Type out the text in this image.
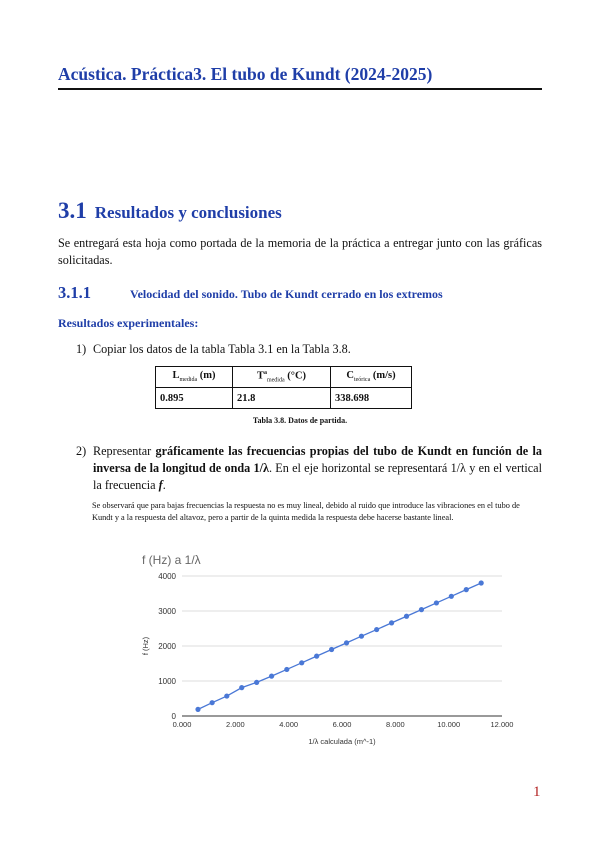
Acústica. Práctica3. El tubo de Kundt (2024-2025)
3.1 Resultados y conclusiones

Se entregará esta hoja como portada de la memoria de la práctica a entregar junto con las gráficas solicitadas.

3.1.1	Velocidad del sonido. Tubo de Kundt cerrado en los extremos
Resultados experimentales:
1) Copiar los datos de la tabla Tabla 3.1 en la Tabla 3.8.
$L_{medida}$ (m)	$T^a_{medida}$ (°C)	$C_{teórica}$ (m/s)
0.895	21.8	338.698
Tabla 3.8. Datos de partida.
2) Representar gráficamente las frecuencias propias del tubo de Kundt en función de la inversa de la longitud de onda 1/λ. En el eje horizontal se representará 1/λ y en el vertical la frecuencia f.

Se observará que para bajas frecuencias la respuesta no es muy lineal, debido al ruido que introduce las vibraciones en el tubo de Kundt y a la respuesta del altavoz, pero a partir de la quinta medida la respuesta debe hacerse bastante lineal.

f (Hz) a 1/λ
0
1000
2000
3000
4000
0.000	2.000	4.000	6.000	8.000	10.000	12.000
1/λ calculada (m^-1)
f (Hz)
1
